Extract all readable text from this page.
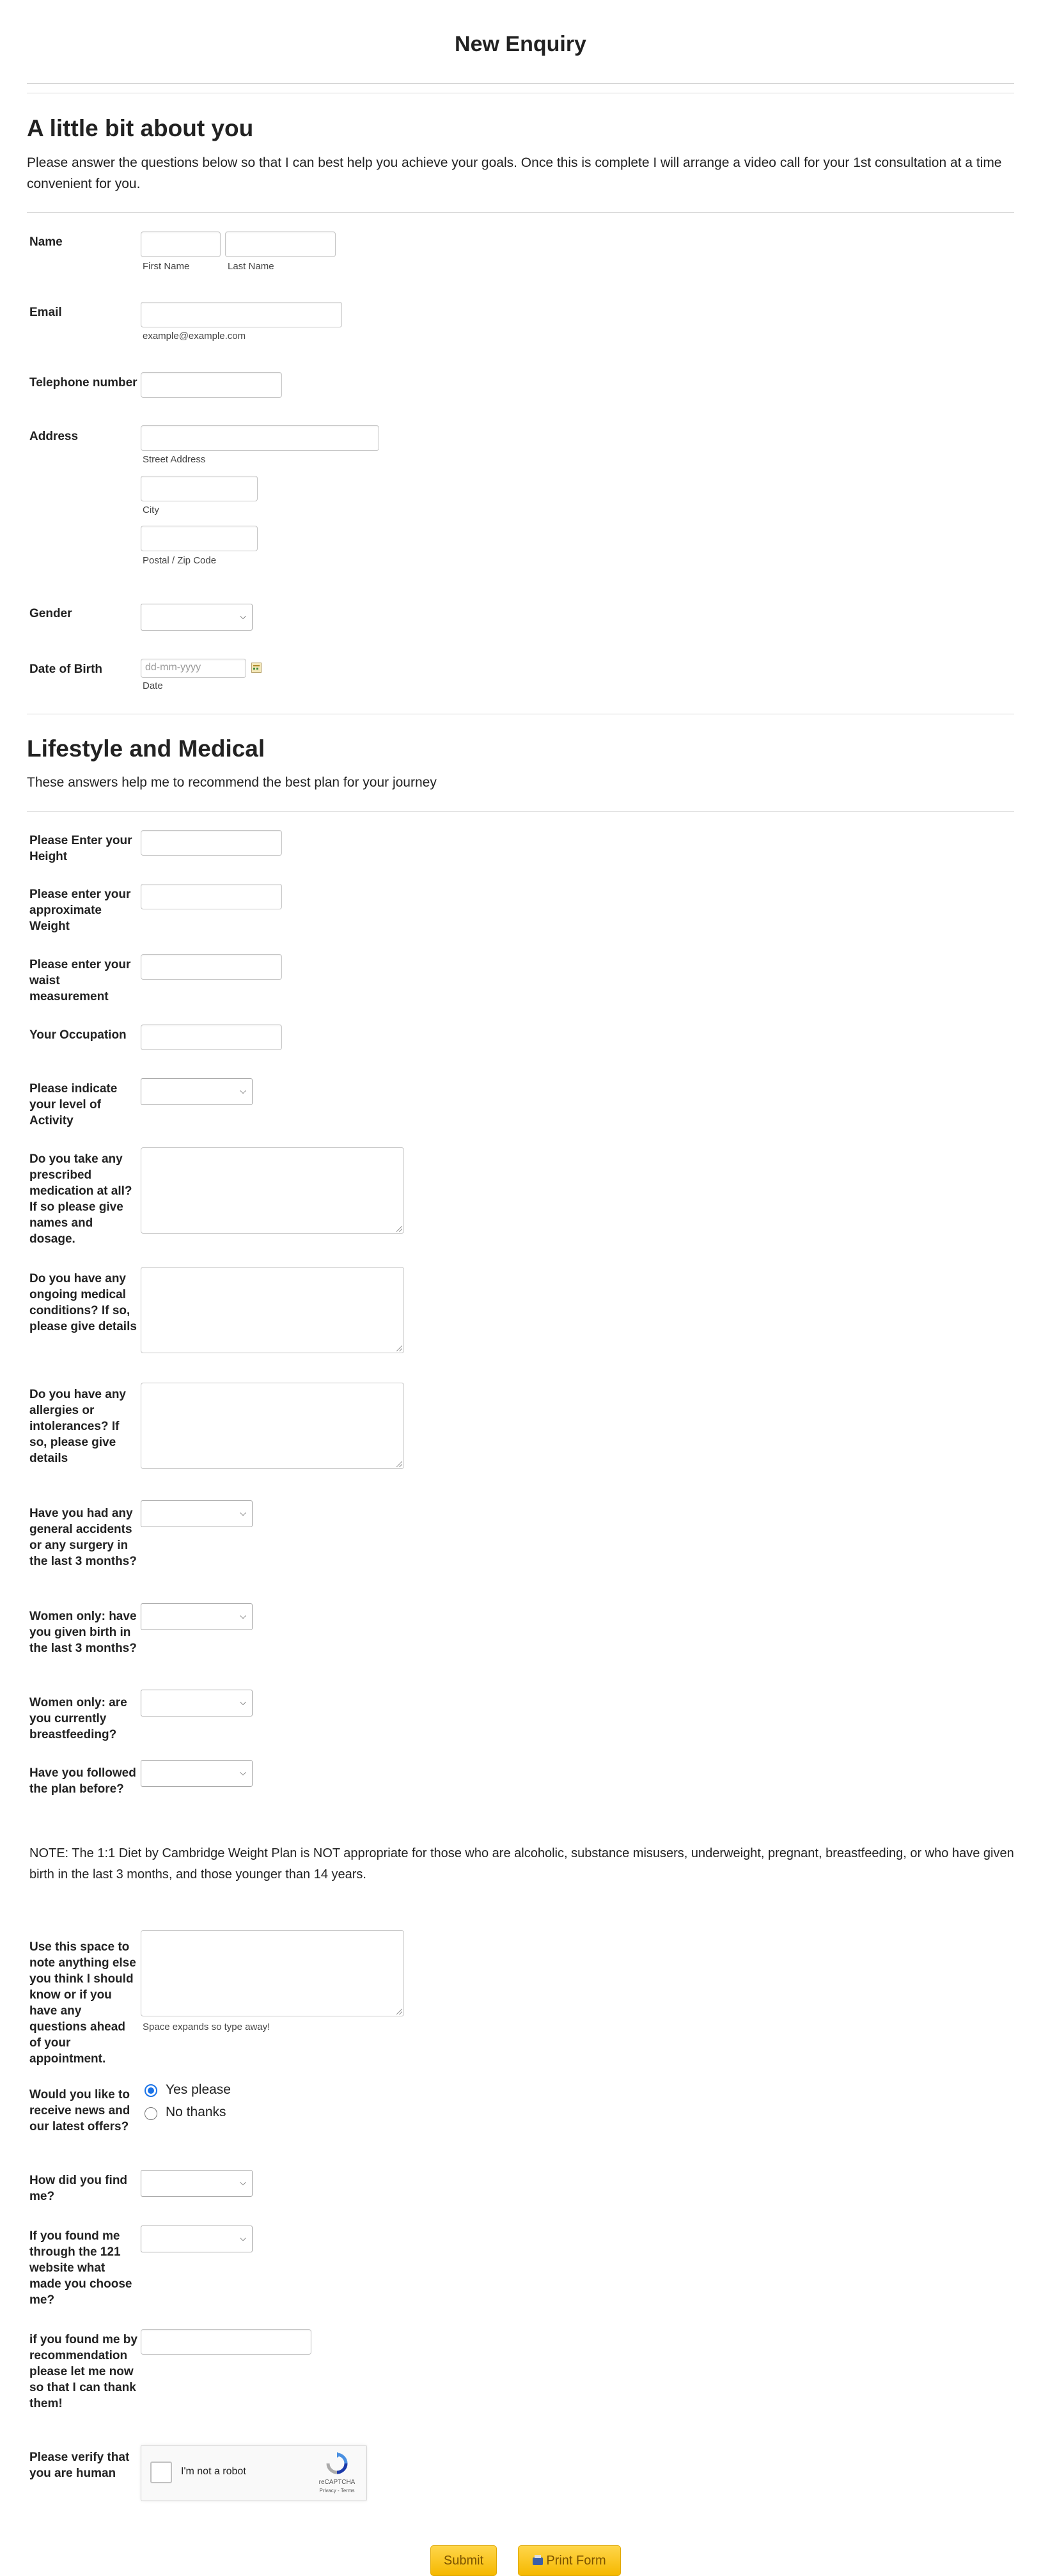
New Enquiry
A little bit about you
Please answer the questions below so that I can best help you achieve your goals. Once this is complete I will arrange a video call for your 1st consultation at a time convenient for you.
Name
First Name	Last Name
Email
example@example.com
Telephone number
Address
Street Address
City
Postal / Zip Code
Gender	⌵
Date of Birth	dd-mm-yyyy
Date
Lifestyle and Medical
These answers help me to recommend the best plan for your journey
Please Enter your Height
Please enter your approximate Weight
Please enter your waist measurement
Your Occupation
Please indicate your level of Activity
⌵
Do you take any prescribed medication at all? If so please give names and dosage.
Do you have any ongoing medical conditions? If so, please give details
Do you have any allergies or intolerances? If so, please give details
Have you had any general accidents or any surgery in the last 3 months?
⌵
Women only: have you given birth in the last 3 months?
⌵
Women only: are you currently breastfeeding?
⌵
Have you followed the plan before?
⌵
NOTE: The 1:1 Diet by Cambridge Weight Plan is NOT appropriate for those who are alcoholic, substance misusers, underweight, pregnant, breastfeeding, or who have given birth in the last 3 months, and those younger than 14 years.
Use this space to note anything else you think I should know or if you have any questions ahead of your appointment.
Space expands so type away!
Would you like to receive news and our latest offers?
Yes please
No thanks
How did you find me?
⌵
If you found me through the 121 website what made you choose me?
⌵
if you found me by recommendation please let me now so that I can thank them!
Please verify that you are human	I'm not a robot
reCAPTCHA
Privacy - Terms
Submit	Print Form
